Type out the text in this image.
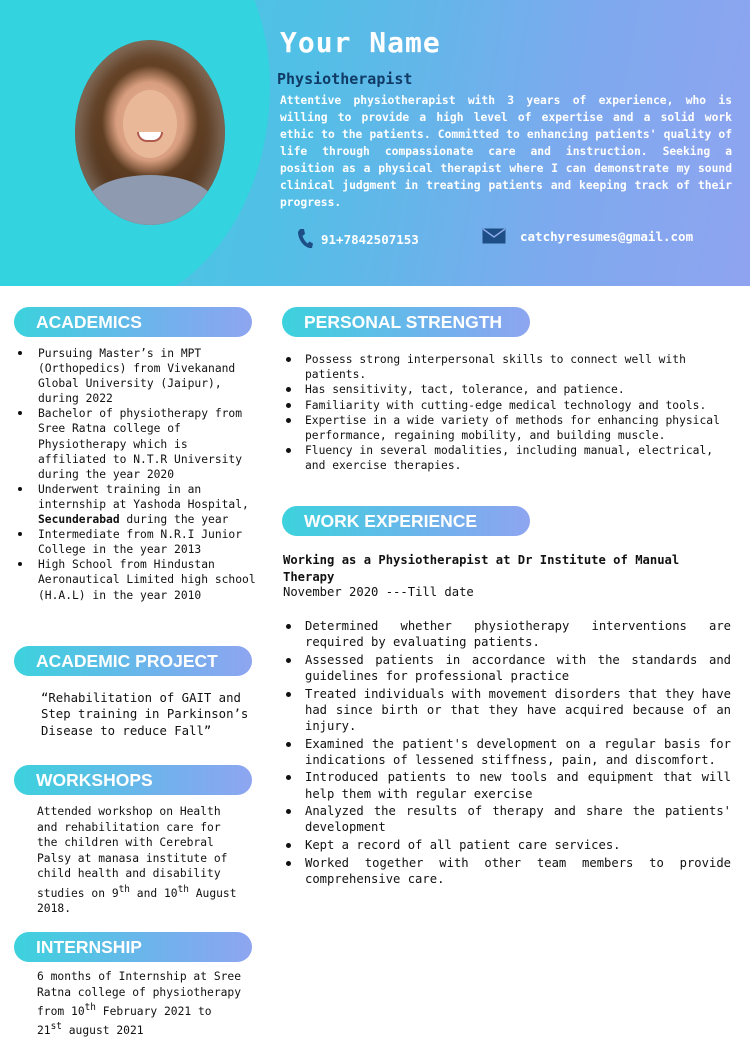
Your Name
Physiotherapist

Attentive physiotherapist with 3 years of experience, who is willing to provide a high level of expertise and a solid work ethic to the patients. Committed to enhancing patients' quality of life through compassionate care and instruction. Seeking a position as a physical therapist where I can demonstrate my sound clinical judgment in treating patients and keeping track of their progress.

91+7842507153	catchyresumes@gmail.com
ACADEMICS
Pursuing Master’s in MPT (Orthopedics) from Vivekanand Global University (Jaipur), during 2022
Bachelor of physiotherapy from Sree Ratna college of Physiotherapy which is affiliated to N.T.R University during the year 2020
Underwent training in an internship at Yashoda Hospital, Secunderabad during the year
Intermediate from N.R.I Junior College in the year 2013
High School from Hindustan Aeronautical Limited high school (H.A.L) in the year 2010
ACADEMIC PROJECT

“Rehabilitation of GAIT and Step training in Parkinson’s Disease to reduce Fall”

WORKSHOPS

Attended workshop on Health and rehabilitation care for the children with Cerebral Palsy at manasa institute of child health and disability studies on 9th and 10th August 2018.

INTERNSHIP

6 months of Internship at Sree Ratna college of physiotherapy from 10th February 2021 to 21st august 2021

PERSONAL STRENGTH
Possess strong interpersonal skills to connect well with patients.
Has sensitivity, tact, tolerance, and patience.
Familiarity with cutting-edge medical technology and tools.
Expertise in a wide variety of methods for enhancing physical performance, regaining mobility, and building muscle.
Fluency in several modalities, including manual, electrical, and exercise therapies.
WORK EXPERIENCE
Working as a Physiotherapist at Dr Institute of Manual Therapy
November 2020 ---Till date
Determined whether physiotherapy interventions are required by evaluating patients.
Assessed patients in accordance with the standards and guidelines for professional practice
Treated individuals with movement disorders that they have had since birth or that they have acquired because of an injury.
Examined the patient's development on a regular basis for indications of lessened stiffness, pain, and discomfort.
Introduced patients to new tools and equipment that will help them with regular exercise
Analyzed the results of therapy and share the patients' development
Kept a record of all patient care services.
Worked together with other team members to provide comprehensive care.
